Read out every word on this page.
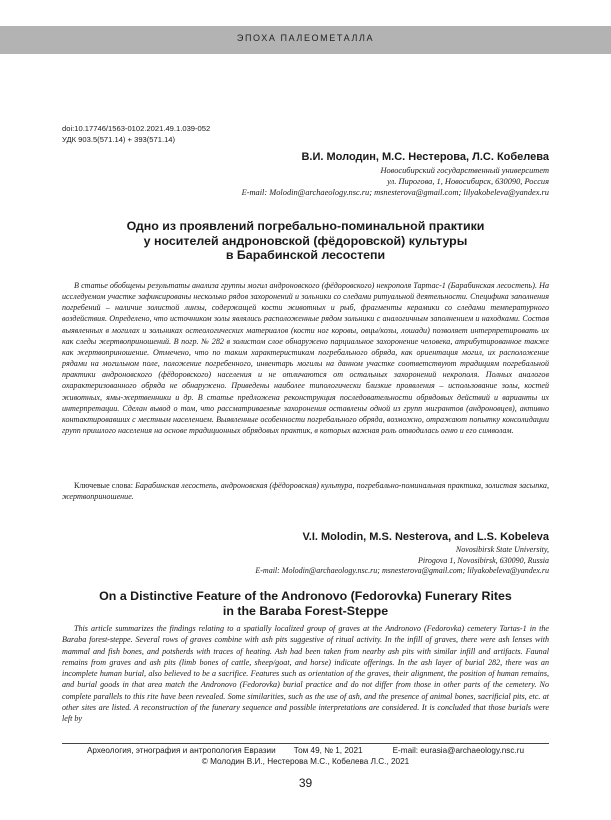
ЭПОХА ПАЛЕОМЕТАЛЛА
doi:10.17746/1563-0102.2021.49.1.039-052
УДК 903.5(571.14) + 393(571.14)
В.И. Молодин, М.С. Нестерова, Л.С. Кобелева
Новосибирский государственный университет
ул. Пирогова, 1, Новосибирск, 630090, Россия
E-mail: Molodin@archaeology.nsc.ru; msnesterova@gmail.com; lilyakobeleva@yandex.ru
Одно из проявлений погребально-поминальной практики
у носителей андроновской (фёдоровской) культуры
в Барабинской лесостепи

В статье обобщены результаты анализа группы могил андроновского (фёдоровского) некрополя Тартас-1 (Барабинская лесостепь). На исследуемом участке зафиксированы несколько рядов захоронений и зольники со следами ритуальной деятельности. Специфика заполнения погребений – наличие золистой линзы, содержащей кости животных и рыб, фрагменты керамики со следами температурного воздействия. Определено, что источником золы являлись расположенные рядом зольники с аналогичным заполнением и находками. Состав выявленных в могилах и зольниках остеологических материалов (кости ног коровы, овцы/козы, лошади) позволяет интерпретировать их как следы жертвоприношений. В погр. № 282 в золистом слое обнаружено парциальное захоронение человека, атрибутированное также как жертвоприношение. Отмечено, что по таким характеристикам погребального обряда, как ориентация могил, их расположение рядами на могильном поле, положение погребенного, инвентарь могилы на данном участке соответствуют традициям погребальной практики андроновского (фёдоровского) населения и не отличаются от остальных захоронений некрополя. Полных аналогов охарактеризованного обряда не обнаружено. Приведены наиболее типологически близкие проявления – использование золы, костей животных, ямы-жертвенники и др. В статье предложена реконструкция последовательности обрядовых действий и варианты их интерпретации. Сделан вывод о том, что рассматриваемые захоронения оставлены одной из групп мигрантов (андроновцев), активно контактировавших с местным населением. Выявленные особенности погребального обряда, возможно, отражают попытку консолидации групп пришлого населения на основе традиционных обрядовых практик, в которых важная роль отводилась огню и его символам.

Ключевые слова: Барабинская лесостепь, андроновская (фёдоровская) культура, погребально-поминальная практика, золистая засыпка, жертвоприношение.
V.I. Molodin, M.S. Nesterova, and L.S. Kobeleva
Novosibirsk State University,
Pirogova 1, Novosibirsk, 630090, Russia
E-mail: Molodin@archaeology.nsc.ru; msnesterova@gmail.com; lilyakobeleva@yandex.ru
On a Distinctive Feature of the Andronovo (Fedorovka) Funerary Rites
in the Baraba Forest-Steppe

This article summarizes the findings relating to a spatially localized group of graves at the Andronovo (Fedorovka) cemetery Tartas-1 in the Baraba forest-steppe. Several rows of graves combine with ash pits suggestive of ritual activity. In the infill of graves, there were ash lenses with mammal and fish bones, and potsherds with traces of heating. Ash had been taken from nearby ash pits with similar infill and artifacts. Faunal remains from graves and ash pits (limb bones of cattle, sheep/goat, and horse) indicate offerings. In the ash layer of burial 282, there was an incomplete human burial, also believed to be a sacrifice. Features such as orientation of the graves, their alignment, the position of human remains, and burial goods in that area match the Andronovo (Fedorovka) burial practice and do not differ from those in other parts of the cemetery. No complete parallels to this rite have been revealed. Some similarities, such as the use of ash, and the presence of animal bones, sacrificial pits, etc. at other sites are listed. A reconstruction of the funerary sequence and possible interpretations are considered. It is concluded that those burials were left by

Археология, этнография и антропология Евразии Том 49, № 1, 2021	E-mail: eurasia@archaeology.nsc.ru
© Молодин В.И., Нестерова М.С., Кобелева Л.С., 2021
39
